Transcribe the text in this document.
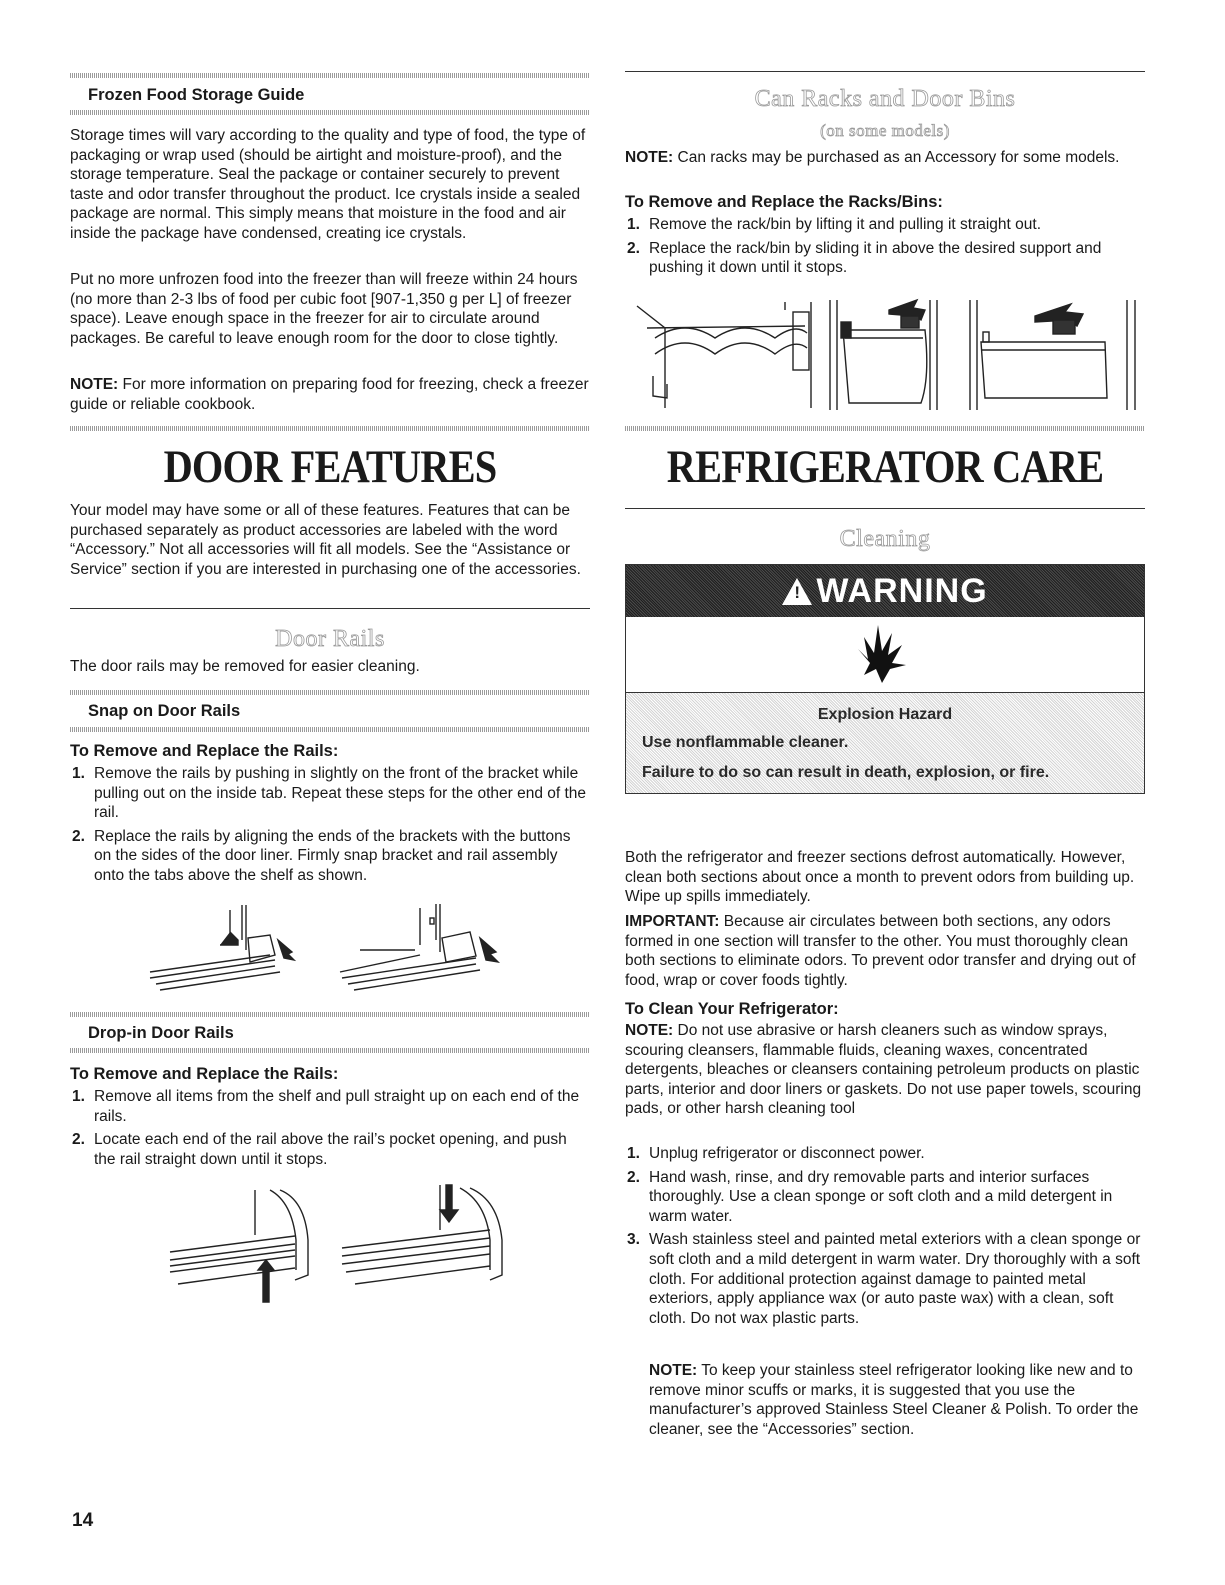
Frozen Food Storage Guide

Storage times will vary according to the quality and type of food, the type of packaging or wrap used (should be airtight and moisture-proof), and the storage temperature. Seal the package or container securely to prevent taste and odor transfer throughout the product. Ice crystals inside a sealed package are normal. This simply means that moisture in the food and air inside the package have condensed, creating ice crystals.

Put no more unfrozen food into the freezer than will freeze within 24 hours (no more than 2-3 lbs of food per cubic foot [907-1,350 g per L] of freezer space). Leave enough space in the freezer for air to circulate around packages. Be careful to leave enough room for the door to close tightly.

NOTE: For more information on preparing food for freezing, check a freezer guide or reliable cookbook.

DOOR FEATURES

Your model may have some or all of these features. Features that can be purchased separately as product accessories are labeled with the word “Accessory.” Not all accessories will fit all models. See the “Assistance or Service” section if you are interested in purchasing one of the accessories.

Door Rails

The door rails may be removed for easier cleaning.

Snap on Door Rails
To Remove and Replace the Rails:
1. Remove the rails by pushing in slightly on the front of the bracket while pulling out on the inside tab. Repeat these steps for the other end of the rail.
2. Replace the rails by aligning the ends of the brackets with the buttons on the sides of the door liner. Firmly snap bracket and rail assembly onto the tabs above the shelf as shown.
Drop-in Door Rails
To Remove and Replace the Rails:
1. Remove all items from the shelf and pull straight up on each end of the rails.
2. Locate each end of the rail above the rail’s pocket opening, and push the rail straight down until it stops.
Can Racks and Door Bins
(on some models)

NOTE: Can racks may be purchased as an Accessory for some models.

To Remove and Replace the Racks/Bins:
1. Remove the rack/bin by lifting it and pulling it straight out.
2. Replace the rack/bin by sliding it in above the desired support and pushing it down until it stops.
REFRIGERATOR CARE
Cleaning
! WARNING

Explosion Hazard

Use nonflammable cleaner.

Failure to do so can result in death, explosion, or fire.

Both the refrigerator and freezer sections defrost automatically. However, clean both sections about once a month to prevent odors from building up. Wipe up spills immediately.

IMPORTANT: Because air circulates between both sections, any odors formed in one section will transfer to the other. You must thoroughly clean both sections to eliminate odors. To prevent odor transfer and drying out of food, wrap or cover foods tightly.

To Clean Your Refrigerator:

NOTE: Do not use abrasive or harsh cleaners such as window sprays, scouring cleansers, flammable fluids, cleaning waxes, concentrated detergents, bleaches or cleansers containing petroleum products on plastic parts, interior and door liners or gaskets. Do not use paper towels, scouring pads, or other harsh cleaning tool

1. Unplug refrigerator or disconnect power.
2. Hand wash, rinse, and dry removable parts and interior surfaces thoroughly. Use a clean sponge or soft cloth and a mild detergent in warm water.
3. Wash stainless steel and painted metal exteriors with a clean sponge or soft cloth and a mild detergent in warm water. Dry thoroughly with a soft cloth. For additional protection against damage to painted metal exteriors, apply appliance wax (or auto paste wax) with a clean, soft cloth. Do not wax plastic parts.

NOTE: To keep your stainless steel refrigerator looking like new and to remove minor scuffs or marks, it is suggested that you use the manufacturer’s approved Stainless Steel Cleaner & Polish. To order the cleaner, see the “Accessories” section.

14
